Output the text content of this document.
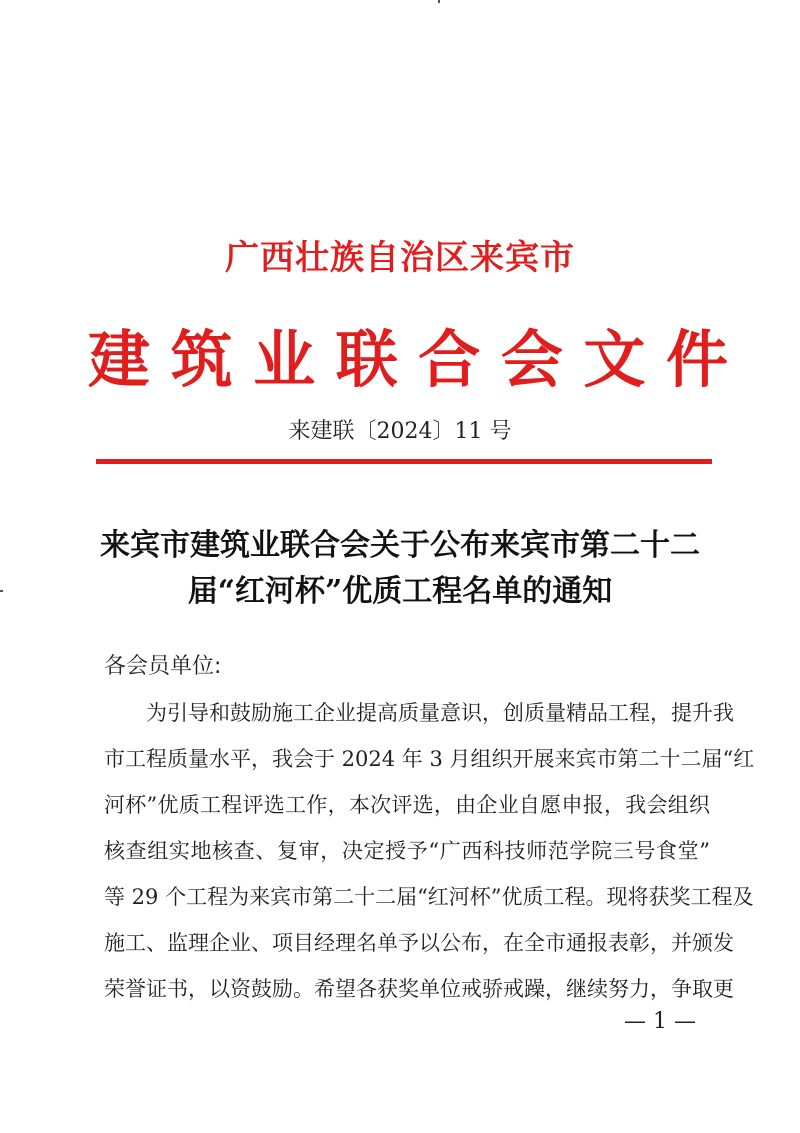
广西壮族自治区来宾市
建 筑 业 联 合 会 文 件
来建联〔2024〕11 号
来宾市建筑业联合会关于公布来宾市第二十二
届“红河杯”优质工程名单的通知
各会员单位:
为引导和鼓励施工企业提高质量意识，创质量精品工程，提升我
市工程质量水平，我会于 2024 年 3 月组织开展来宾市第二十二届“红
河杯”优质工程评选工作，本次评选，由企业自愿申报，我会组织
核查组实地核查、复审，决定授予“广西科技师范学院三号食堂”
等 29 个工程为来宾市第二十二届“红河杯”优质工程。现将获奖工程及
施工、监理企业、项目经理名单予以公布，在全市通报表彰，并颁发
荣誉证书，以资鼓励。希望各获奖单位戒骄戒躁，继续努力，争取更
— 1 —
